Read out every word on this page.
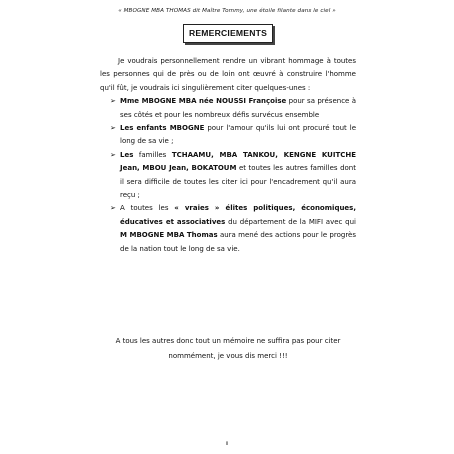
« MBOGNE MBA THOMAS dit Maître Tommy, une étoile filante dans le ciel »
REMERCIEMENTS

Je voudrais personnellement rendre un vibrant hommage à toutes les personnes qui de près ou de loin ont œuvré à construire l'homme qu'il fût, je voudrais ici singulièrement citer quelques-unes :

➢ Mme MBOGNE MBA née NOUSSI Françoise pour sa présence à ses côtés et pour les nombreux défis survécus ensemble
➢ Les enfants MBOGNE pour l'amour qu'ils lui ont procuré tout le long de sa vie ;
➢ Les familles TCHAAMU, MBA TANKOU, KENGNE KUITCHE Jean, MBOU Jean, BOKATOUM et toutes les autres familles dont il sera difficile de toutes les citer ici pour l'encadrement qu'il aura reçu ;
➢ A toutes les « vraies » élites politiques, économiques, éducatives et associatives du département de la MIFI avec qui M MBOGNE MBA Thomas aura mené des actions pour le progrès de la nation tout le long de sa vie.
A tous les autres donc tout un mémoire ne suffira pas pour citer
nommément, je vous dis merci !!!
ii
